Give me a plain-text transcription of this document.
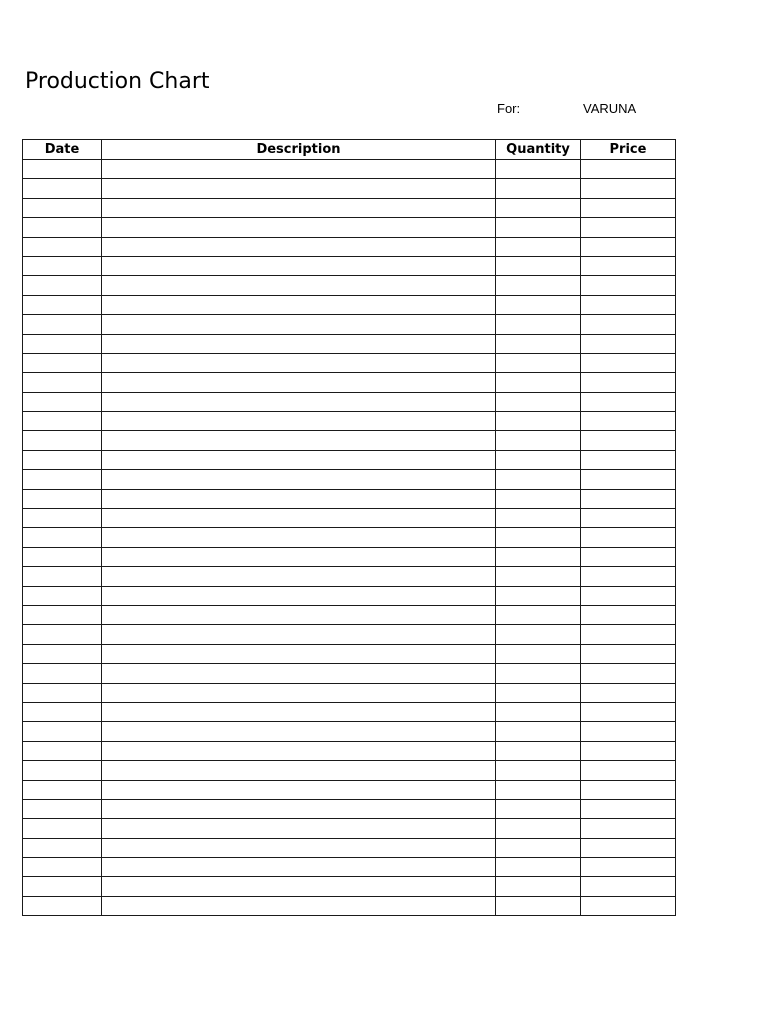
Production Chart
For:	VARUNA
Date	Description	Quantity	Price
